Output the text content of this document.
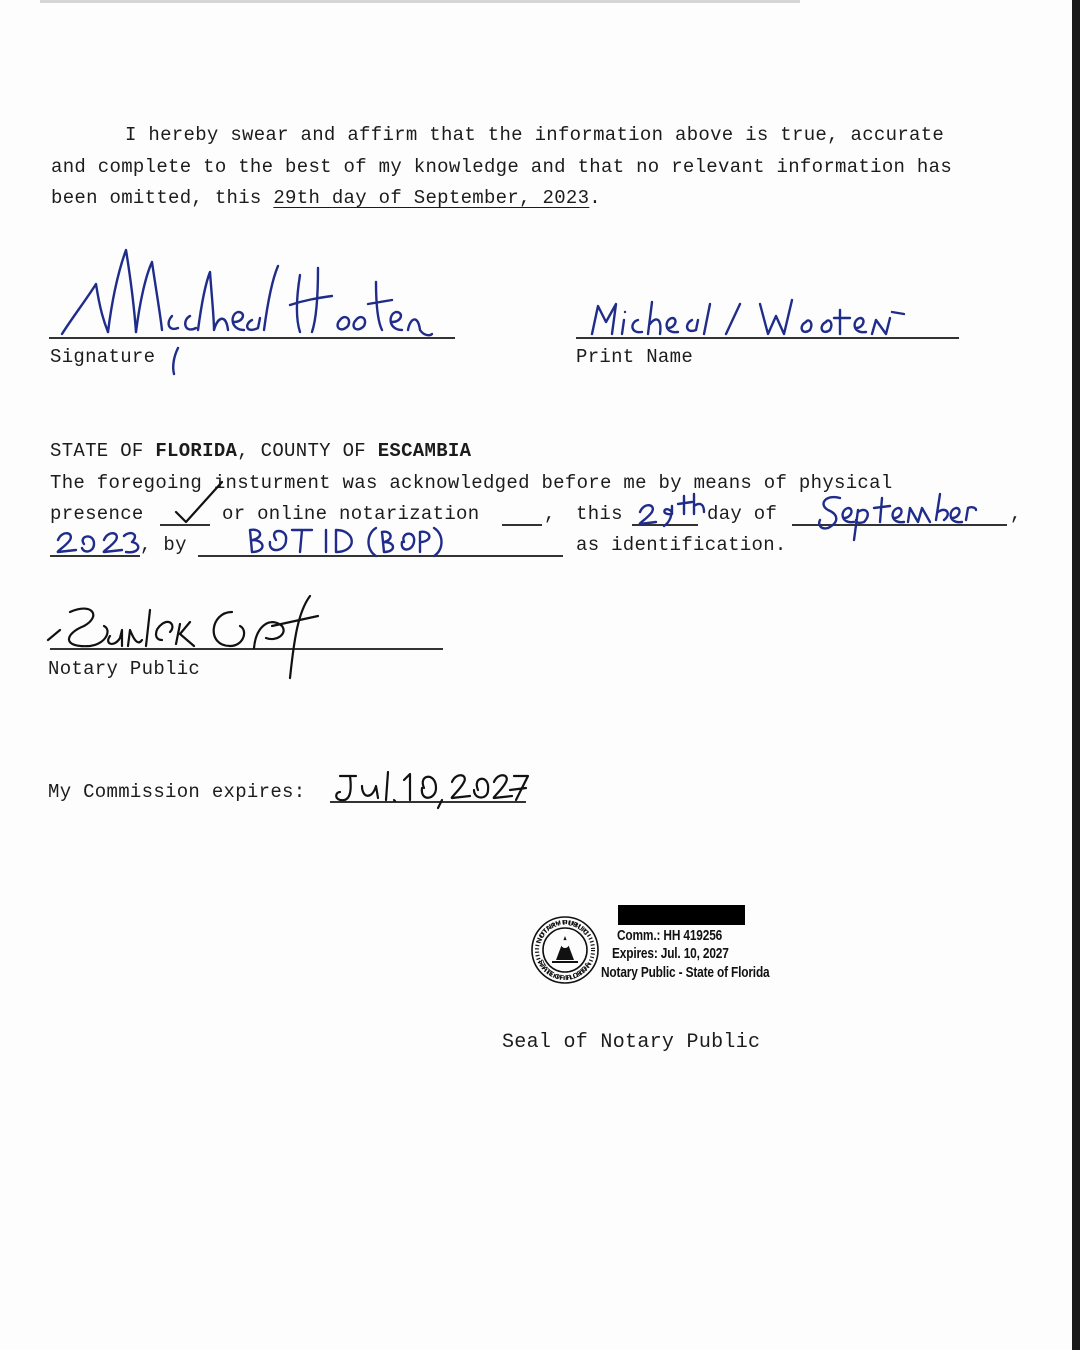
I hereby swear and affirm that the information above is true, accurate
and complete to the best of my knowledge and that no relevant information has
been omitted, this 29th day of September, 2023.
Signature	Print Name
STATE OF FLORIDA, COUNTY OF ESCAMBIA
The foregoing insturment was acknowledged before me by means of physical
presence	or online notarization	, this	day of	,
, by	as identification.
Notary Public
My Commission expires:
NOTARY PUBLIC
STATE OF FLORIDA
Comm.: HH 419256
Expires: Jul. 10, 2027
Notary Public - State of Florida
Seal of Notary Public
